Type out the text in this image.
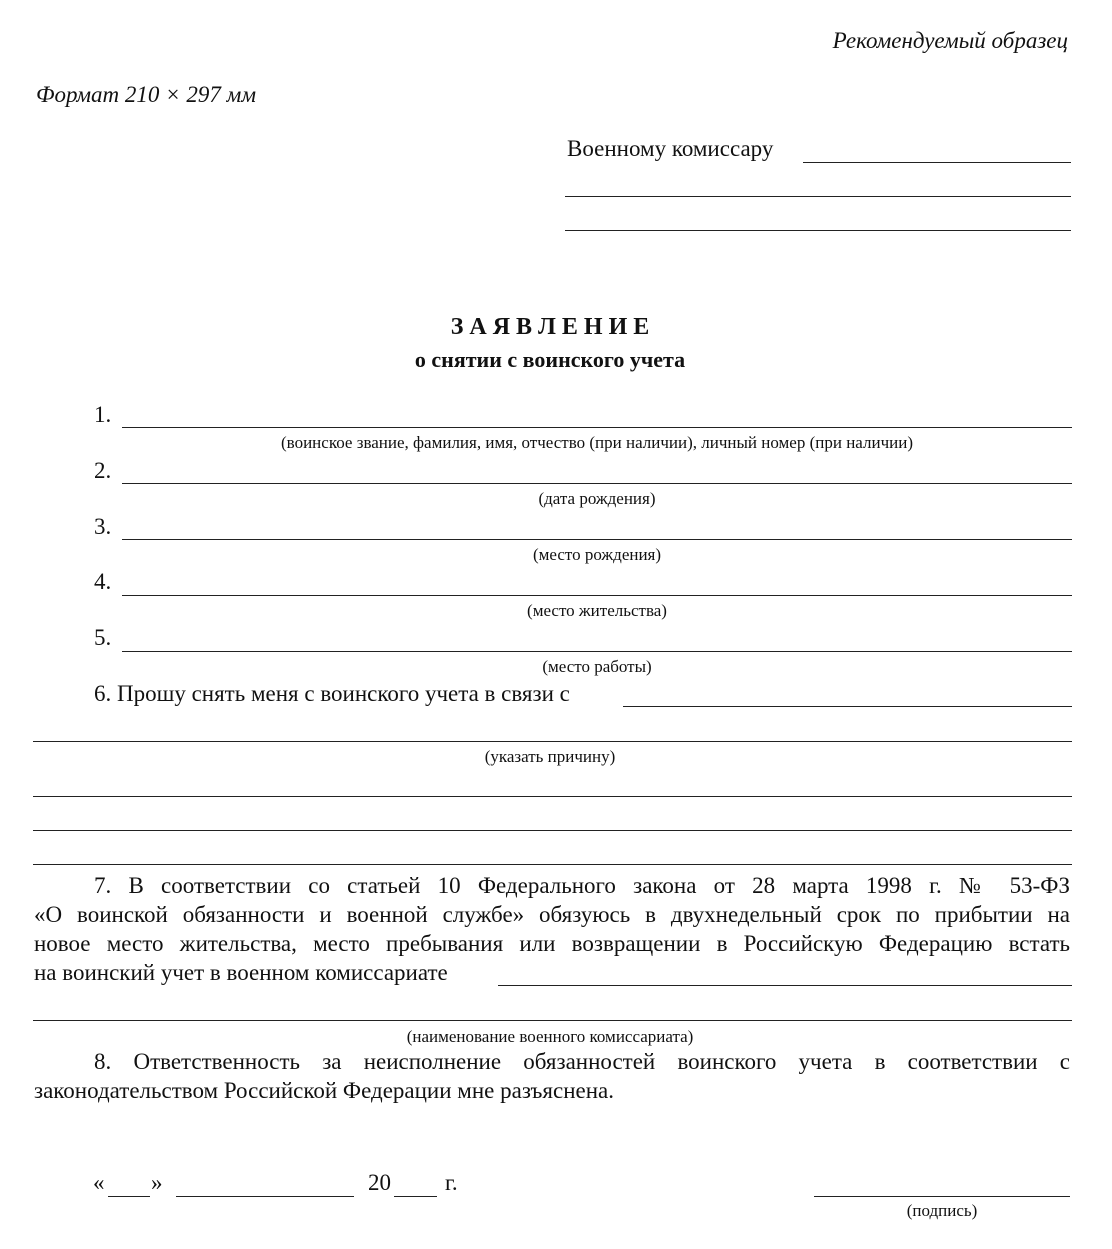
Рекомендуемый образец
Формат 210 × 297 мм
Военному комиссару
З А Я В Л Е Н И Е
о снятии с воинского учета
1.
(воинское звание, фамилия, имя, отчество (при наличии), личный номер (при наличии)
2.
(дата рождения)
3.
(место рождения)
4.
(место жительства)
5.
(место работы)
6. Прошу снять меня с воинского учета в связи с
(указать причину)
7. В соответствии со статьей 10 Федерального закона от 28 марта 1998 г. № 53-ФЗ
«О воинской обязанности и военной службе» обязуюсь в двухнедельный срок по прибытии на
новое место жительства, место пребывания или возвращении в Российскую Федерацию встать
на воинский учет в военном комиссариате
(наименование военного комиссариата)
8. Ответственность за неисполнение обязанностей воинского учета в соответствии с
законодательством Российской Федерации мне разъяснена.
« »	20 г.
(подпись)
